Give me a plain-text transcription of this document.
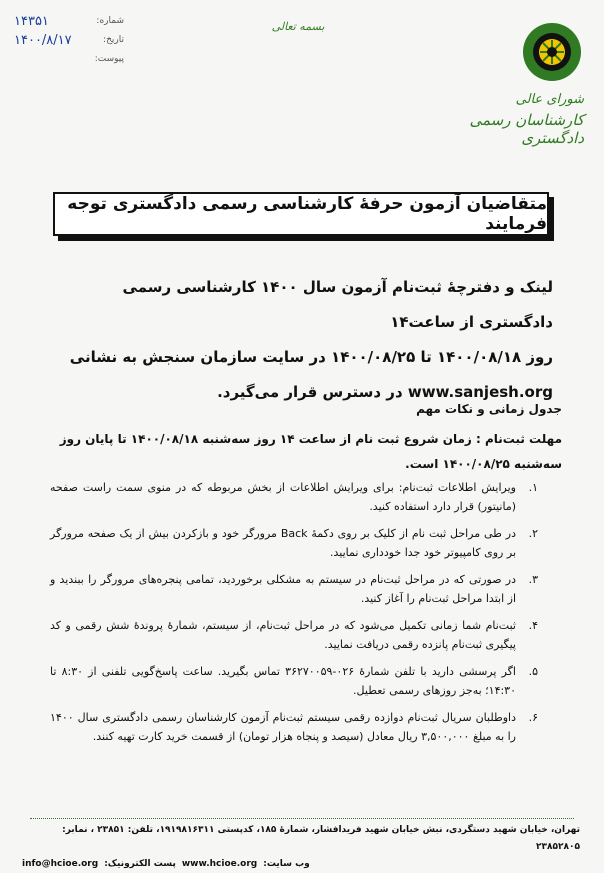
شماره:
۱۴۳۵۱
تاریخ:
۱۴۰۰/۸/۱۷
پیوست:
بسمه تعالی
شورای عالی
کارشناسان رسمی دادگستری
متقاضیان آزمون حرفهٔ کارشناسی رسمی دادگستری توجه فرمایند
لینک و دفترچهٔ ثبت‌نام آزمون سال ۱۴۰۰ کارشناسی رسمی دادگستری از ساعت۱۴
روز ۱۴۰۰/۰۸/۱۸ تا ۱۴۰۰/۰۸/۲۵ در سایت سازمان سنجش به نشانی
www.sanjesh.org در دسترس قرار می‌گیرد.
جدول زمانی و نکات مهم
مهلت ثبت‌نام : زمان شروع ثبت نام از ساعت ۱۴ روز سه‌شنبه ۱۴۰۰/۰۸/۱۸ تا پایان روز سه‌شنبه ۱۴۰۰/۰۸/۲۵ است.
۱.
ویرایش اطلاعات ثبت‌نام: برای ویرایش اطلاعات از بخش مربوطه که در منوی سمت راست صفحه (مانیتور) قرار دارد استفاده کنید.
۲.
در طی مراحل ثبت نام از کلیک بر روی دکمهٔ Back مرورگر خود و بازکردن بیش از یک صفحه مرورگر بر روی کامپیوتر خود جدا خودداری نمایید.
۳.
در صورتی که در مراحل ثبت‌نام در سیستم به مشکلی برخوردید، تمامی پنجره‌های مرورگر را ببندید و از ابتدا مراحل ثبت‌نام را آغاز کنید.
۴.
ثبت‌نام شما زمانی تکمیل می‌شود که در مراحل ثبت‌نام، از سیستم، شمارهٔ پروندهٔ شش رقمی و کد پیگیری ثبت‌نام پانزده رقمی دریافت نمایید.
۵.
اگر پرسشی دارید با تلفن شمارهٔ ۰۲۶-۳۶۲۷۰۰۵۹ تماس بگیرید. ساعت پاسخ‌گویی تلفنی از ۸:۳۰ تا ۱۴:۳۰؛ به‌جز روزهای رسمی تعطیل.
۶.
داوطلبان سریال ثبت‌نام دوازده رقمی سیستم ثبت‌نام آزمون کارشناسان رسمی دادگستری سال ۱۴۰۰ را به مبلغ ۳,۵۰۰,۰۰۰ ریال معادل (سیصد و پنجاه هزار تومان) از قسمت خرید کارت تهیه کنند.
تهران، خیابان شهید دستگردی، نبش خیابان شهید فریدافشار، شمارهٔ ۱۸۵، کدپستی ۱۹۱۹۸۱۶۳۱۱، تلفن: ۲۳۸۵۱ ، نمابر: ۲۳۸۵۲۸۰۵
وب سایت:
www.hcioe.org
پست الکترونیک:
info@hcioe.org
